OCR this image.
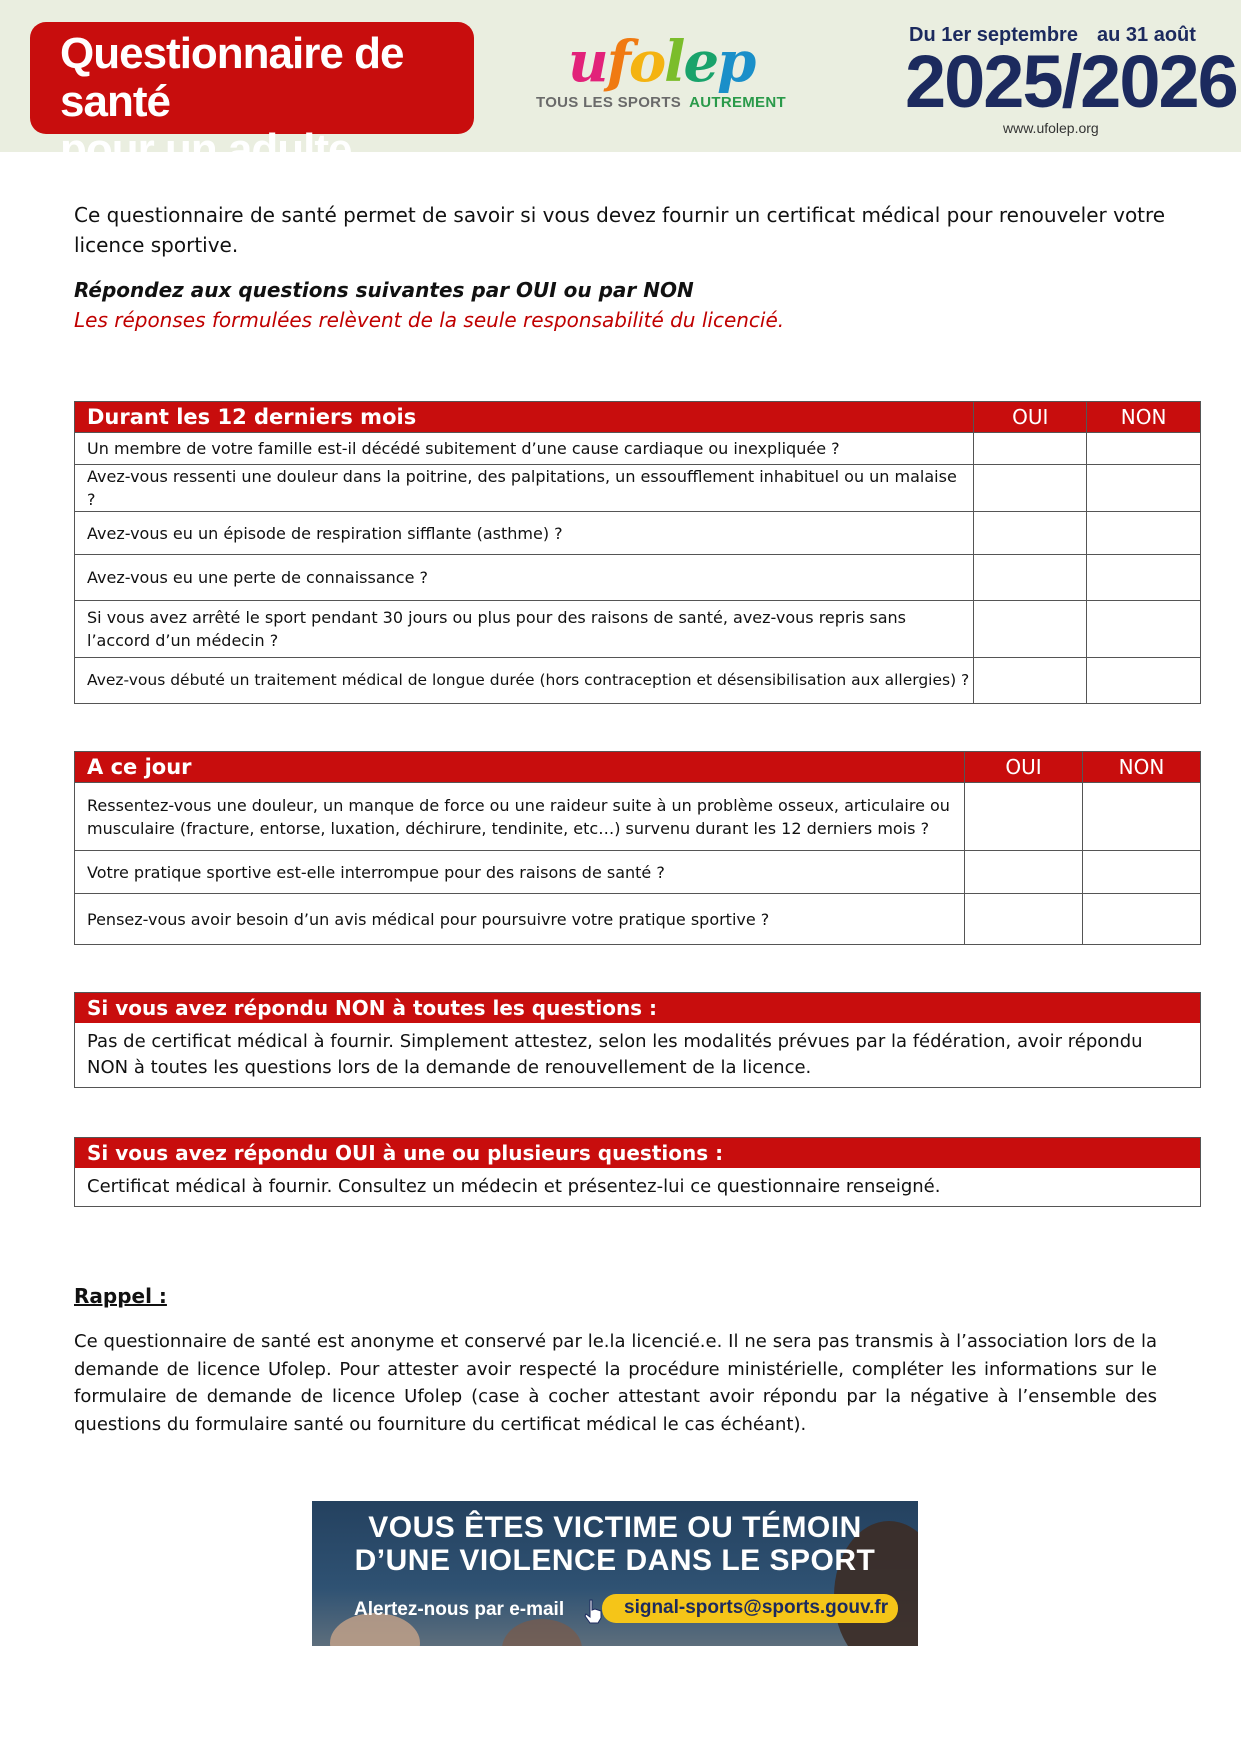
Questionnaire de santé
pour un adulte
ufolep
TOUS LES SPORTS AUTREMENT
Du 1er septembre au 31 août
2025/2026
www.ufolep.org
Ce questionnaire de santé permet de savoir si vous devez fournir un certificat médical pour renouveler votre licence sportive.
Répondez aux questions suivantes par OUI ou par NON
Les réponses formulées relèvent de la seule responsabilité du licencié.
Durant les 12 derniers mois	OUI	NON
Un membre de votre famille est-il décédé subitement d’une cause cardiaque ou inexpliquée ?		
Avez-vous ressenti une douleur dans la poitrine, des palpitations, un essoufflement inhabituel ou un malaise ?		
Avez-vous eu un épisode de respiration sifflante (asthme) ?		
Avez-vous eu une perte de connaissance ?		
Si vous avez arrêté le sport pendant 30 jours ou plus pour des raisons de santé, avez-vous repris sans l’accord d’un médecin ?		
Avez-vous débuté un traitement médical de longue durée (hors contraception et désensibilisation aux allergies) ?		
A ce jour	OUI	NON
Ressentez-vous une douleur, un manque de force ou une raideur suite à un problème osseux, articulaire ou musculaire (fracture, entorse, luxation, déchirure, tendinite, etc…) survenu durant les 12 derniers mois ?		
Votre pratique sportive est-elle interrompue pour des raisons de santé ?		
Pensez-vous avoir besoin d’un avis médical pour poursuivre votre pratique sportive ?		
Si vous avez répondu NON à toutes les questions :
Pas de certificat médical à fournir. Simplement attestez, selon les modalités prévues par la fédération, avoir répondu NON à toutes les questions lors de la demande de renouvellement de la licence.
Si vous avez répondu OUI à une ou plusieurs questions :
Certificat médical à fournir. Consultez un médecin et présentez-lui ce questionnaire renseigné.
Rappel :
Ce questionnaire de santé est anonyme et conservé par le.la licencié.e. Il ne sera pas transmis à l’association lors de la demande de licence Ufolep. Pour attester avoir respecté la procédure ministérielle, compléter les informations sur le formulaire de demande de licence Ufolep (case à cocher attestant avoir répondu par la négative à l’ensemble des questions du formulaire santé ou fourniture du certificat médical le cas échéant).
VOUS ÊTES VICTIME OU TÉMOIN
D’UNE VIOLENCE DANS LE SPORT
Alertez-nous par e-mail	signal-sports@sports.gouv.fr
